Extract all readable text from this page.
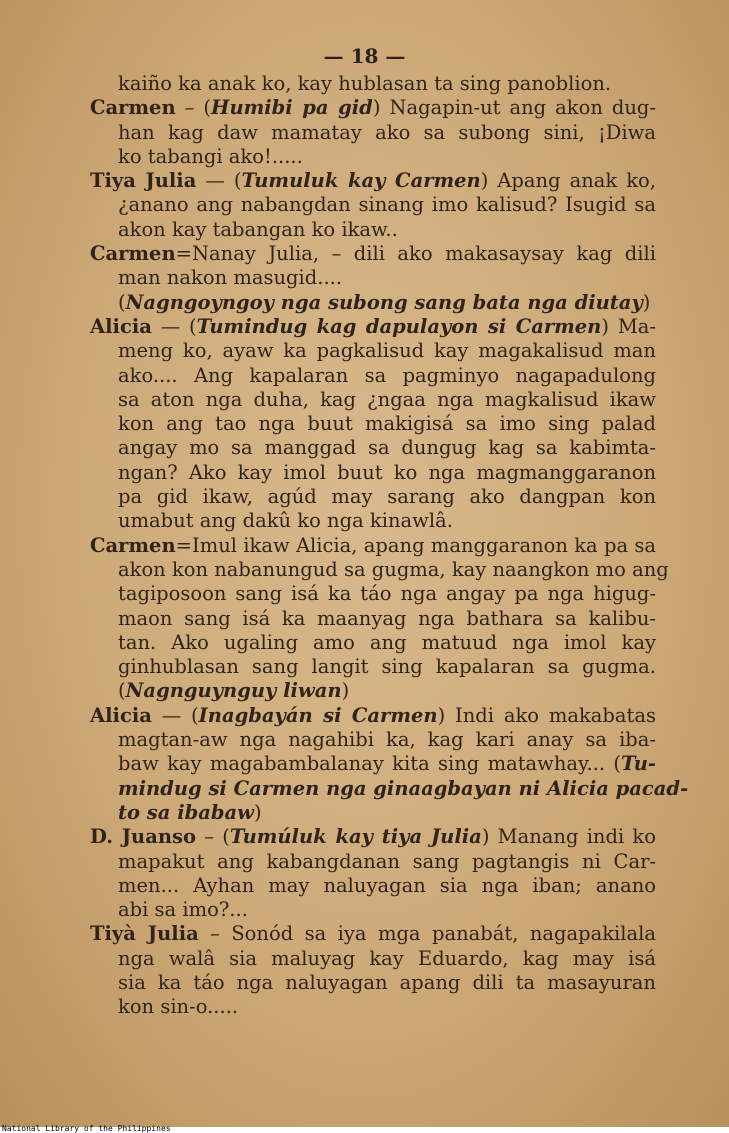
— 18 —
kaiño ka anak ko, kay hublasan ta sing panoblion.
Carmen – (Humibi pa gid) Nagapin-ut ang akon dug-
han kag daw mamatay ako sa subong sini, ¡Diwa
ko tabangi ako!.....
Tiya Julia — (Tumuluk kay Carmen) Apang anak ko,
¿anano ang nabangdan sinang imo kalisud? Isugid sa
akon kay tabangan ko ikaw..
Carmen=Nanay Julia, – dili ako makasaysay kag dili
man nakon masugid....
(Nagngoyngoy nga subong sang bata nga diutay)
Alicia — (Tumindug kag dapulayon si Carmen) Ma-
meng ko, ayaw ka pagkalisud kay magakalisud man
ako.... Ang kapalaran sa pagminyo nagapadulong
sa aton nga duha, kag ¿ngaa nga magkalisud ikaw
kon ang tao nga buut makigisá sa imo sing palad
angay mo sa manggad sa dungug kag sa kabimta-
ngan? Ako kay imol buut ko nga magmanggaranon
pa gid ikaw, agúd may sarang ako dangpan kon
umabut ang dakû ko nga kinawlâ.
Carmen=Imul ikaw Alicia, apang manggaranon ka pa sa
akon kon nabanungud sa gugma, kay naangkon mo ang
tagiposoon sang isá ka táo nga angay pa nga higug-
maon sang isá ka maanyag nga bathara sa kalibu-
tan. Ako ugaling amo ang matuud nga imol kay
ginhublasan sang langit sing kapalaran sa gugma.
(Nagnguynguy liwan)
Alicia — (Inagbayán si Carmen) Indi ako makabatas
magtan-aw nga nagahibi ka, kag kari anay sa iba-
baw kay magabambalanay kita sing matawhay... (Tu-
mindug si Carmen nga ginaagbayan ni Alicia pacad-
to sa ibabaw)
D. Juanso – (Tumúluk kay tiya Julia) Manang indi ko
mapakut ang kabangdanan sang pagtangis ni Car-
men... Ayhan may naluyagan sia nga iban; anano
abi sa imo?...
Tiyà Julia – Sonód sa iya mga panabát, nagapakilala
nga walâ sia maluyag kay Eduardo, kag may isá
sia ka táo nga naluyagan apang dili ta masayuran
kon sin-o.....
National Library of the Philippines
